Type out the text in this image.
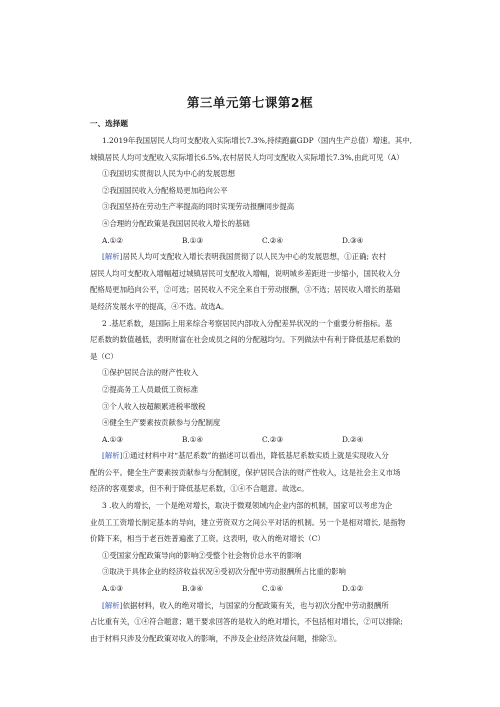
第三单元第七课第2框
一、选择题

1.2019年我国居民人均可支配收入实际增长7.3%,持续跑赢GDP（国内生产总值）增速。其中,

城镇居民人均可支配收入实际增长6.5%,农村居民人均可支配收入实际增长7.3%,由此可见（A）

①我国切实贯彻以人民为中心的发展思想

②我国国民收入分配格局更加趋向公平

③我国坚持在劳动生产率提高的同时实现劳动报酬同步提高

④合理的分配政策是我国居民收入增长的基础

A.①②	B.①③	C.②④	D.③④

[解析]居民人均可支配收入增长表明我国贯彻了以人民为中心的发展思想，①正确; 农村

居民人均可支配收入增幅超过城镇居民可支配收入增幅，说明城乡差距进一步缩小，国民收入分

配格局更加趋向公平，②可选；居民收入不完全来自于劳动报酬，③不选；居民收入增长的基础

是经济发展水平的提高，④不选。故选A。

2 .基尼系数，是国际上用来综合考察居民内部收入分配差异状况的一个重要分析指标。基

尼系数的数值越低，表明财富在社会成员之间的分配越均匀。下列做法中有利于降低基尼系数的

是（C）

①保护居民合法的财产性收入

②提高务工人员最低工资标准

③个人收入按超额累进税率缴税

④健全生产要素按贡献参与分配制度

A.①③	B.①④	C.②③	D.②④

[解析]①通过材料中对“基尼系数”的描述可以看出，降低基尼系数实质上就是实现收入分

配的公平。健全生产要素按贡献参与分配制度，保护居民合法的财产性收入，这是社会主义市场

经济的客观要求，但不利于降低基尼系数，①④不合题意。故选c。

3 .收入的增长，一个是绝对增长，取决于微观领域内企业内部的机制，国家可以考虑为企

业员工工资增长制定基本的导向，建立劳资双方之间公平对话的机制。另一个是相对增长, 是指物

价降下来，相当于老百姓普遍涨了工资。这表明，收入的绝对增长（C）

①受国家分配政策导向的影响②受整个社会物价总水平的影响

③取决于具体企业的经济收益状况④受初次分配中劳动报酬所占比重的影响

A.①③	B.③④	C.①④	D.①②

[解析]依据材料，收入的绝对增长，与国家的分配政策有关，也与初次分配中劳动报酬所

占比重有关，①④符合题意；题干要求回答的是收入的绝对增长，不包括相对增长，②可以排除;

由于材料只涉及分配政策对收入的影响，不涉及企业经济效益问题，排除③。
